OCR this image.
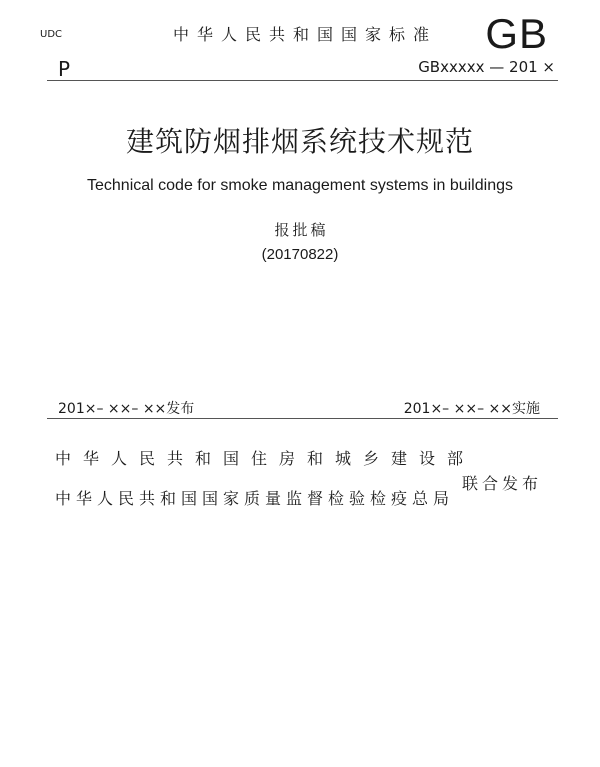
UDC	中华人民共和国国家标准	GB
P	GBxxxxx — 201 ×
建筑防烟排烟系统技术规范
Technical code for smoke management systems in buildings
报批稿
(20170822)
201×– ××– ××发布	201×– ××– ××实施
中华人民共和国住房和城乡建设部
中华人民共和国国家质量监督检验检疫总局
联合发布
